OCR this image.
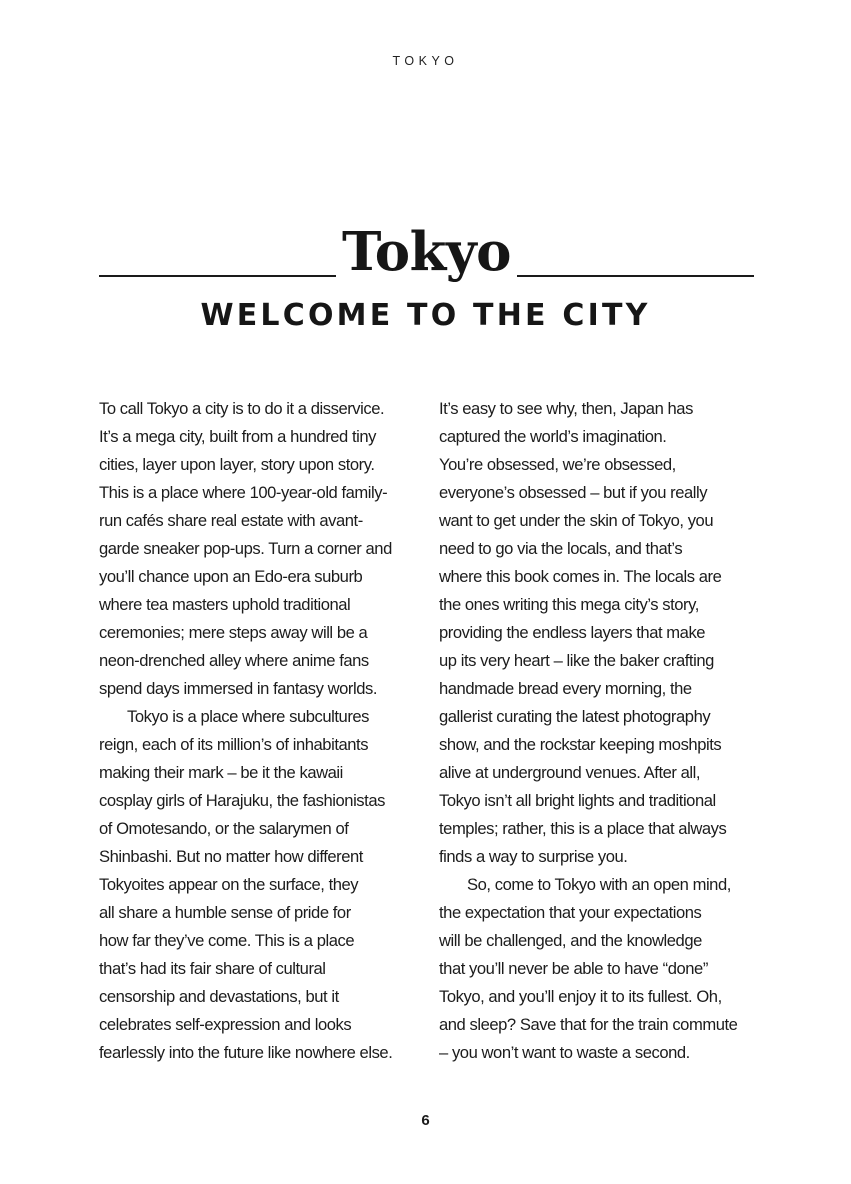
TOKYO
Tokyo
WELCOME TO THE CITY

To call Tokyo a city is to do it a disservice.
It’s a mega city, built from a hundred tiny
cities, layer upon layer, story upon story.
This is a place where 100-year-old family-
run cafés share real estate with avant-
garde sneaker pop-ups. Turn a corner and
you’ll chance upon an Edo-era suburb
where tea masters uphold traditional
ceremonies; mere steps away will be a
neon-drenched alley where anime fans
spend days immersed in fantasy worlds.

Tokyo is a place where subcultures
reign, each of its million’s of inhabitants
making their mark – be it the kawaii
cosplay girls of Harajuku, the fashionistas
of Omotesando, or the salarymen of
Shinbashi. But no matter how different
Tokyoites appear on the surface, they
all share a humble sense of pride for
how far they’ve come. This is a place
that’s had its fair share of cultural
censorship and devastations, but it
celebrates self-expression and looks
fearlessly into the future like nowhere else.

It’s easy to see why, then, Japan has
captured the world’s imagination.
You’re obsessed, we’re obsessed,
everyone’s obsessed – but if you really
want to get under the skin of Tokyo, you
need to go via the locals, and that’s
where this book comes in. The locals are
the ones writing this mega city’s story,
providing the endless layers that make
up its very heart – like the baker crafting
handmade bread every morning, the
gallerist curating the latest photography
show, and the rockstar keeping moshpits
alive at underground venues. After all,
Tokyo isn’t all bright lights and traditional
temples; rather, this is a place that always
finds a way to surprise you.

So, come to Tokyo with an open mind,
the expectation that your expectations
will be challenged, and the knowledge
that you’ll never be able to have “done”
Tokyo, and you’ll enjoy it to its fullest. Oh,
and sleep? Save that for the train commute
– you won’t want to waste a second.

6
